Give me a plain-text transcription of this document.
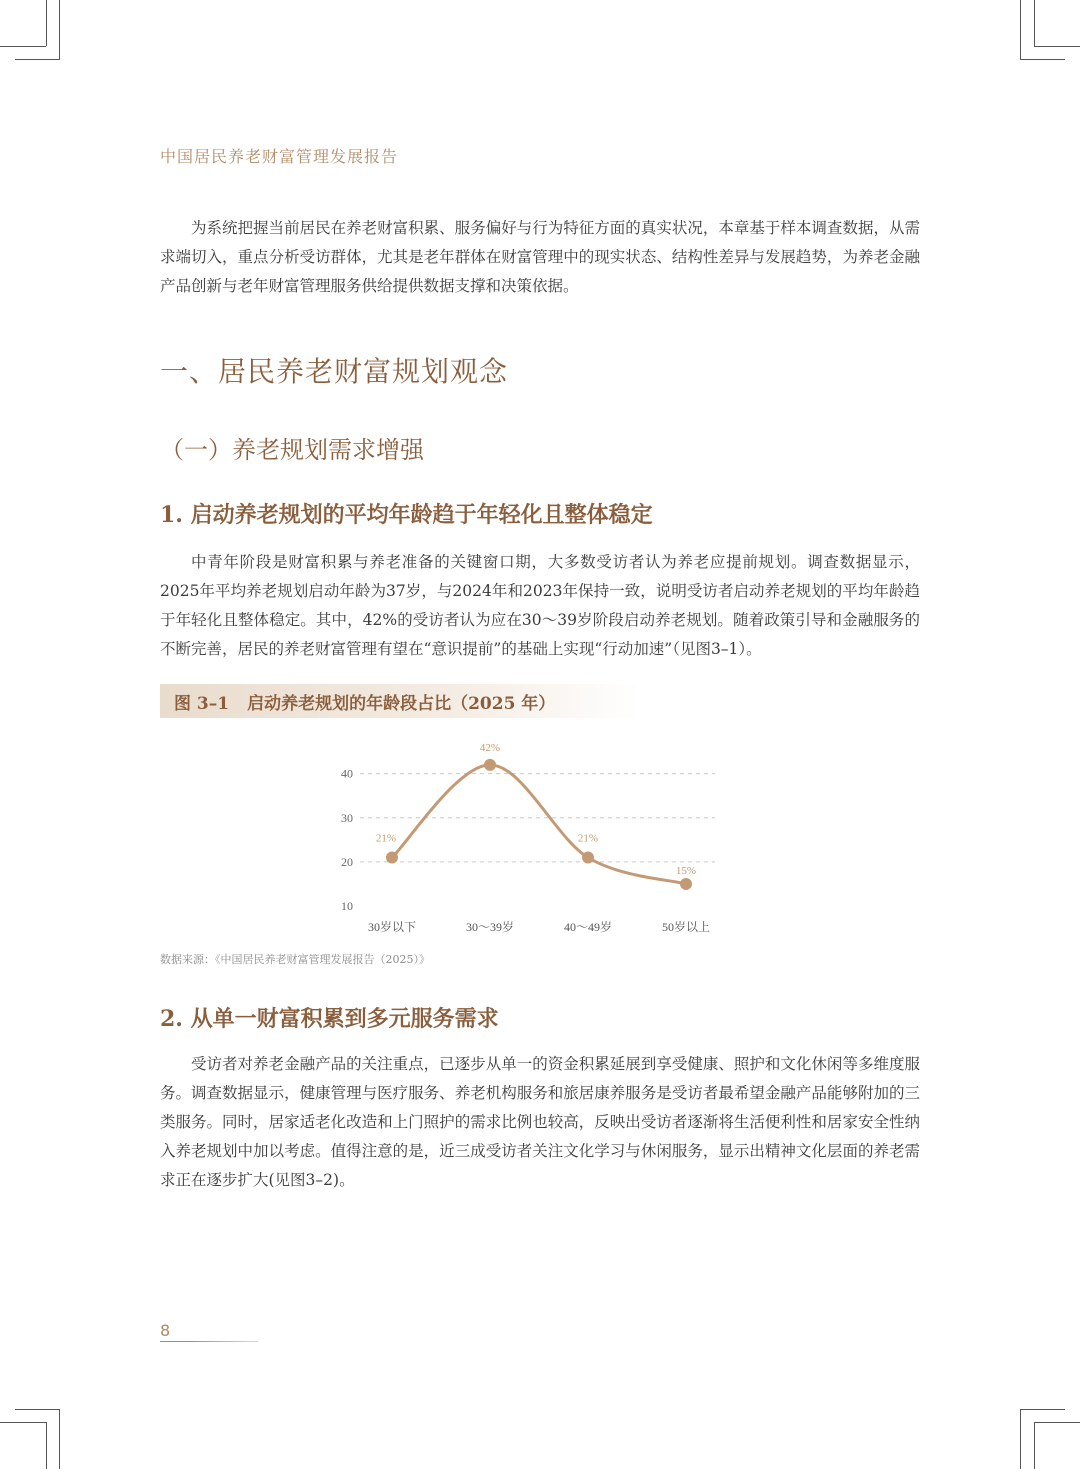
中国居民养老财富管理发展报告

为系统把握当前居民在养老财富积累、服务偏好与行为特征方面的真实状况，本章基于样本调查数据，从需求端切入，重点分析受访群体，尤其是老年群体在财富管理中的现实状态、结构性差异与发展趋势，为养老金融产品创新与老年财富管理服务供给提供数据支撑和决策依据。

一、居民养老财富规划观念
（一）养老规划需求增强
1. 启动养老规划的平均年龄趋于年轻化且整体稳定

中青年阶段是财富积累与养老准备的关键窗口期，大多数受访者认为养老应提前规划。调查数据显示，2025年平均养老规划启动年龄为37岁，与2024年和2023年保持一致，说明受访者启动养老规划的平均年龄趋于年轻化且整体稳定。其中，42%的受访者认为应在30～39岁阶段启动养老规划。随着政策引导和金融服务的不断完善，居民的养老财富管理有望在“意识提前”的基础上实现“行动加速”（见图3–1）。

图 3–1 启动养老规划的年龄段占比（2025 年）
10
20
30
40
30岁以下	30～39岁	40～49岁	50岁以上
21%
42%
21%
15%
数据来源：《中国居民养老财富管理发展报告（2025）》
2. 从单一财富积累到多元服务需求

受访者对养老金融产品的关注重点，已逐步从单一的资金积累延展到享受健康、照护和文化休闲等多维度服务。调查数据显示，健康管理与医疗服务、养老机构服务和旅居康养服务是受访者最希望金融产品能够附加的三类服务。同时，居家适老化改造和上门照护的需求比例也较高，反映出受访者逐渐将生活便利性和居家安全性纳入养老规划中加以考虑。值得注意的是，近三成受访者关注文化学习与休闲服务，显示出精神文化层面的养老需求正在逐步扩大(见图3–2)。

8
